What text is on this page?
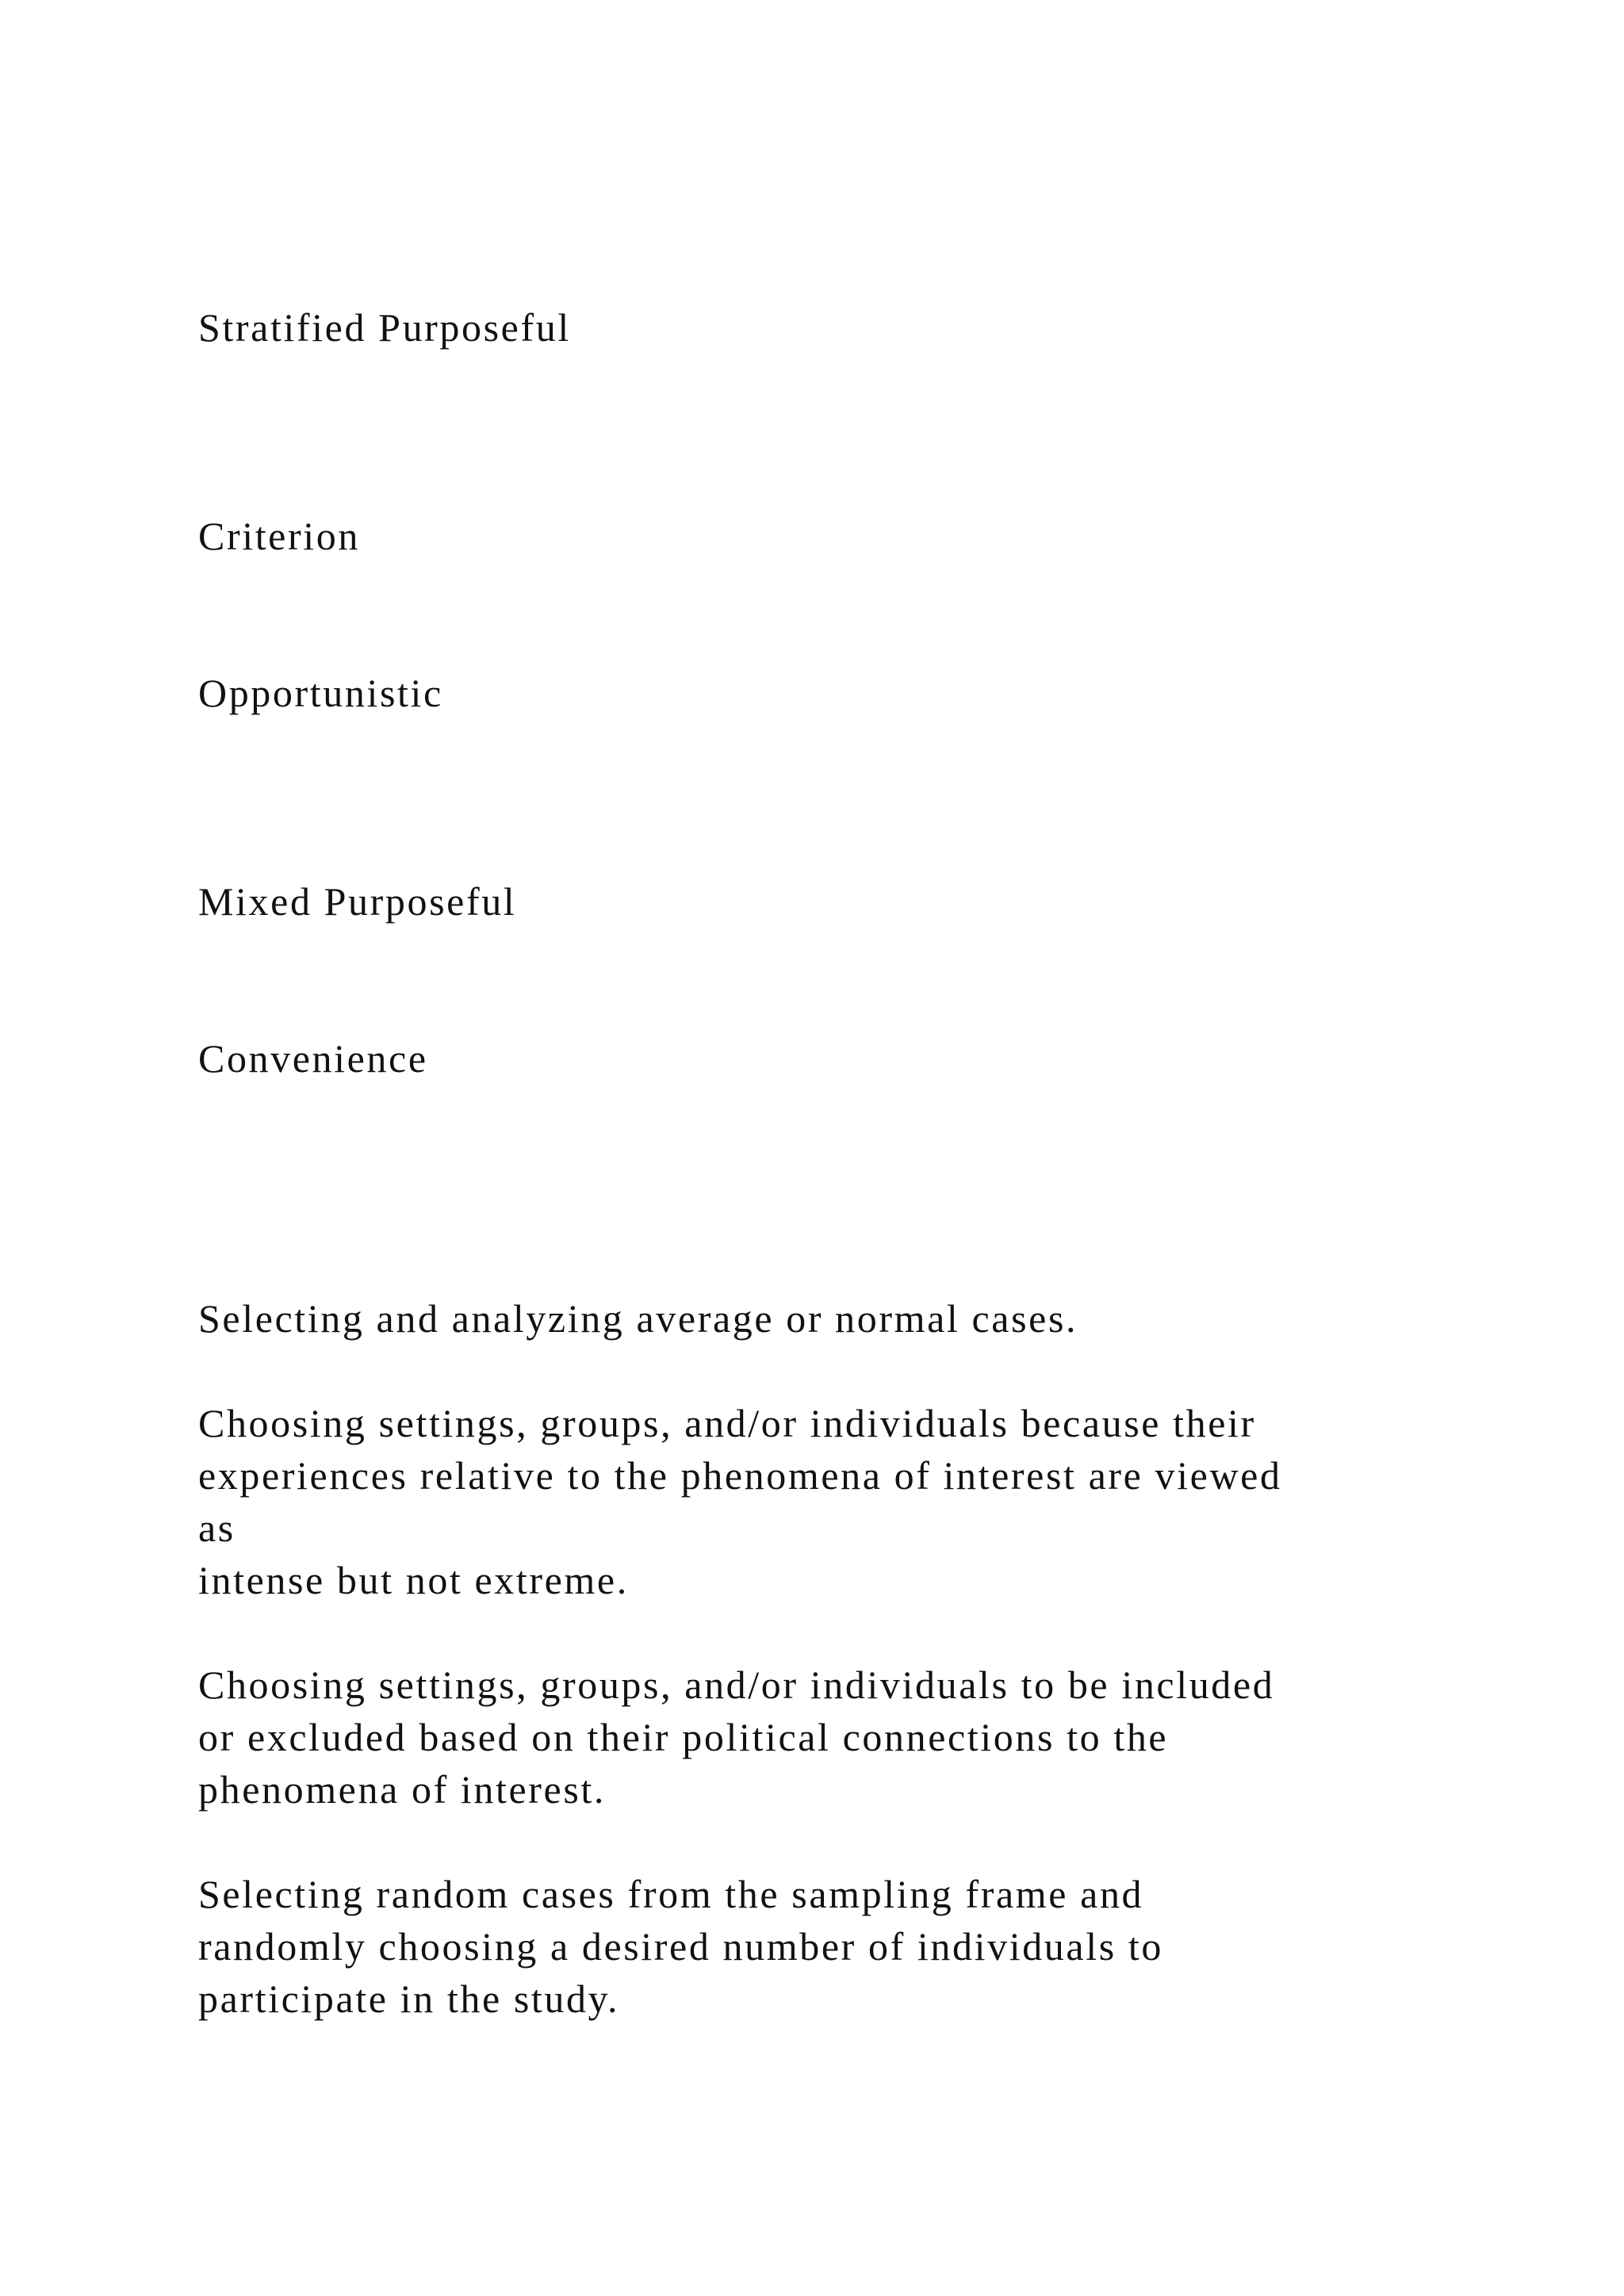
Stratified Purposeful

Criterion

Opportunistic

Mixed Purposeful

Convenience

Selecting and analyzing average or normal cases.

Choosing settings, groups, and/or individuals because their

experiences relative to the phenomena of interest are viewed

as

intense but not extreme.

Choosing settings, groups, and/or individuals to be included

or excluded based on their political connections to the

phenomena of interest.

Selecting random cases from the sampling frame and

randomly choosing a desired number of individuals to

participate in the study.
